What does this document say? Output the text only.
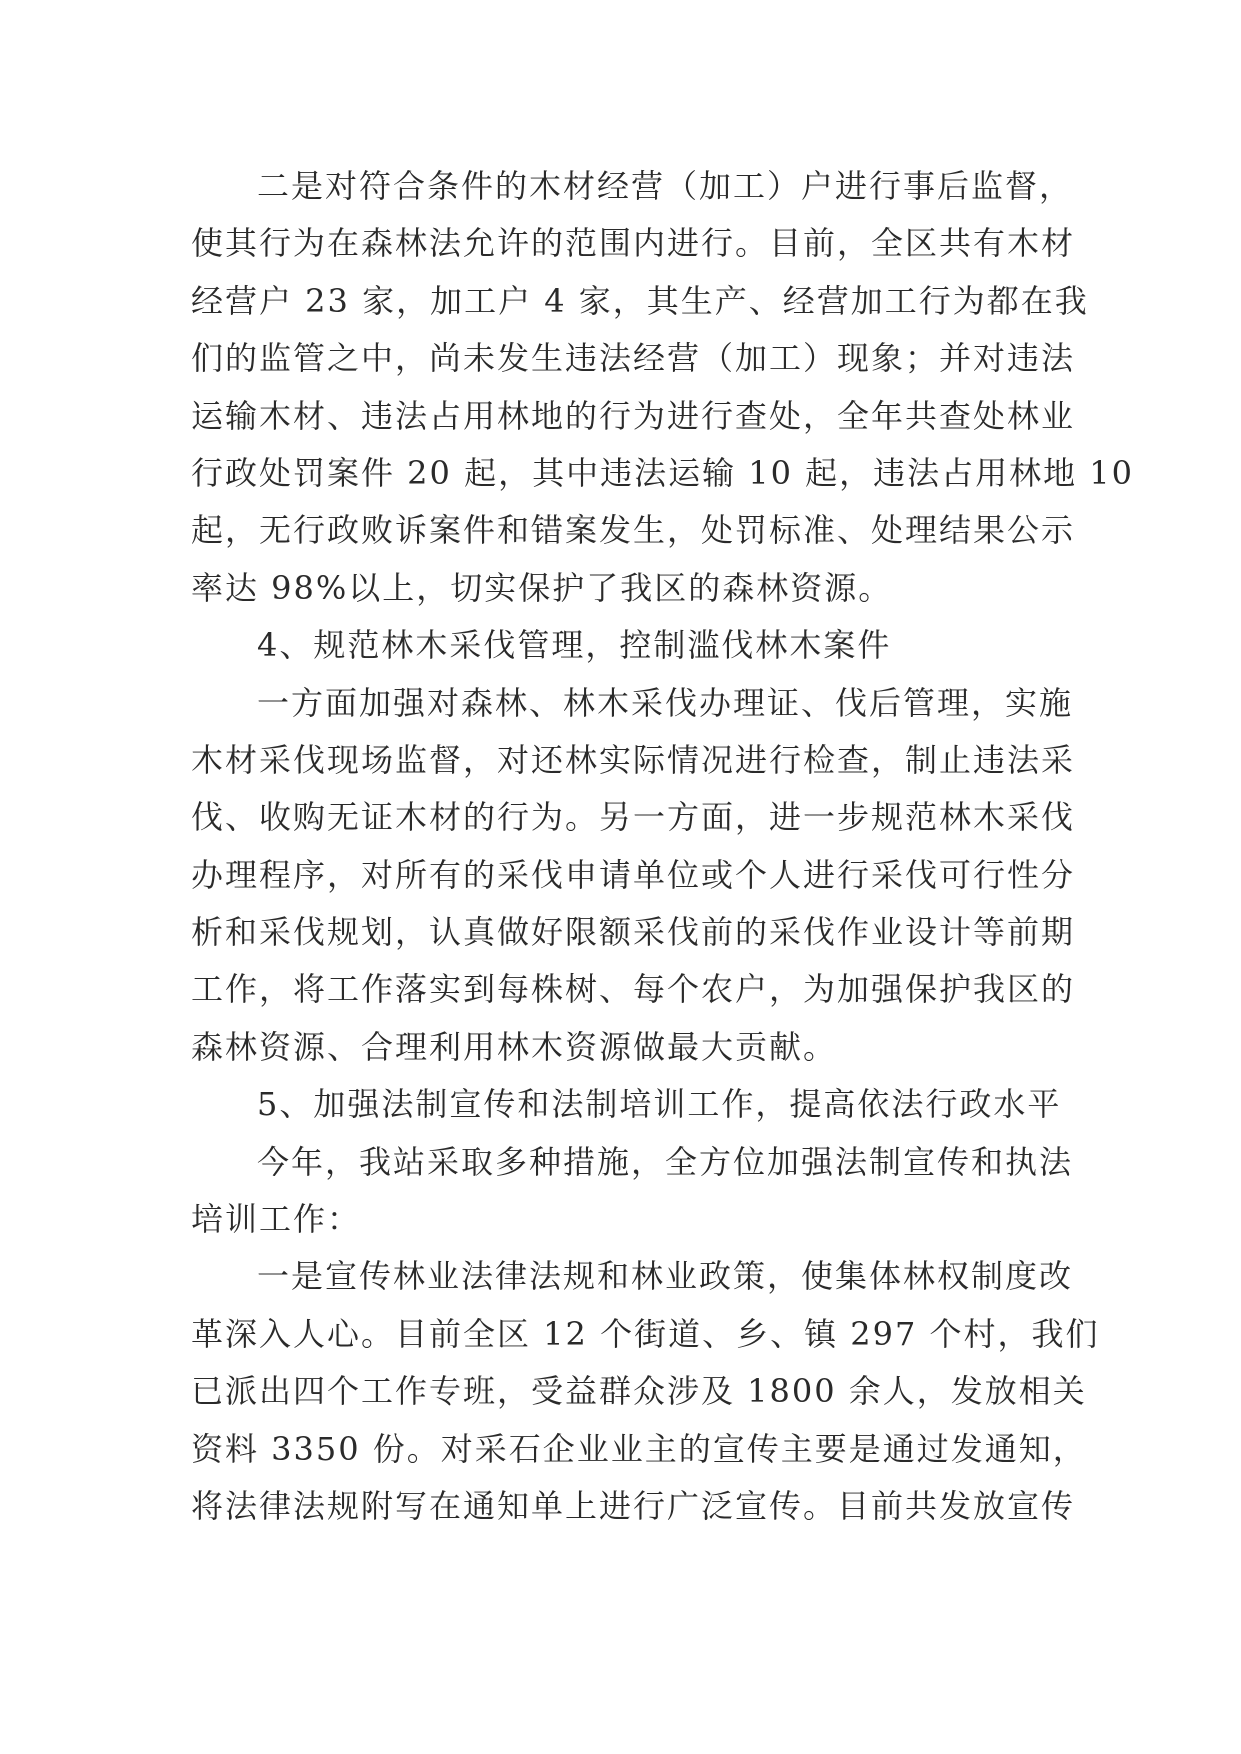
二是对符合条件的木材经营（加工）户进行事后监督，
使其行为在森林法允许的范围内进行。目前，全区共有木材
经营户 23 家，加工户 4 家，其生产、经营加工行为都在我
们的监管之中，尚未发生违法经营（加工）现象；并对违法
运输木材、违法占用林地的行为进行查处，全年共查处林业
行政处罚案件 20 起，其中违法运输 10 起，违法占用林地 10
起，无行政败诉案件和错案发生，处罚标准、处理结果公示
率达 98%以上，切实保护了我区的森林资源。
4、规范林木采伐管理，控制滥伐林木案件
一方面加强对森林、林木采伐办理证、伐后管理，实施
木材采伐现场监督，对还林实际情况进行检查，制止违法采
伐、收购无证木材的行为。另一方面，进一步规范林木采伐
办理程序，对所有的采伐申请单位或个人进行采伐可行性分
析和采伐规划，认真做好限额采伐前的采伐作业设计等前期
工作，将工作落实到每株树、每个农户，为加强保护我区的
森林资源、合理利用林木资源做最大贡献。
5、加强法制宣传和法制培训工作，提高依法行政水平
今年，我站采取多种措施，全方位加强法制宣传和执法
培训工作：
一是宣传林业法律法规和林业政策，使集体林权制度改
革深入人心。目前全区 12 个街道、乡、镇 297 个村，我们
已派出四个工作专班，受益群众涉及 1800 余人，发放相关
资料 3350 份。对采石企业业主的宣传主要是通过发通知，
将法律法规附写在通知单上进行广泛宣传。目前共发放宣传
